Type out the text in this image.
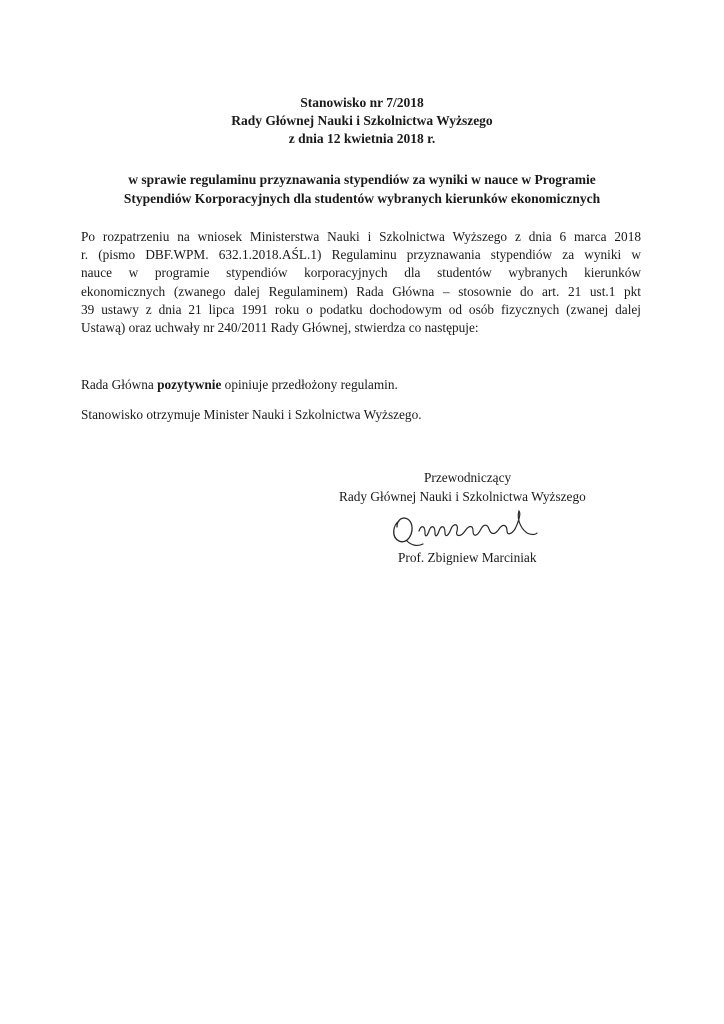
Stanowisko nr 7/2018
Rady Głównej Nauki i Szkolnictwa Wyższego
z dnia 12 kwietnia 2018 r.
w sprawie regulaminu przyznawania stypendiów za wyniki w nauce w Programie
Stypendiów Korporacyjnych dla studentów wybranych kierunków ekonomicznych
Po rozpatrzeniu na wniosek Ministerstwa Nauki i Szkolnictwa Wyższego z dnia 6 marca 2018
r. (pismo DBF.WPM. 632.1.2018.AŚL.1) Regulaminu przyznawania stypendiów za wyniki w
nauce w programie stypendiów korporacyjnych dla studentów wybranych kierunków
ekonomicznych (zwanego dalej Regulaminem) Rada Główna – stosownie do art. 21 ust.1 pkt
39 ustawy z dnia 21 lipca 1991 roku o podatku dochodowym od osób fizycznych (zwanej dalej
Ustawą) oraz uchwały nr 240/2011 Rady Głównej, stwierdza co następuje:
Rada Główna pozytywnie opiniuje przedłożony regulamin.
Stanowisko otrzymuje Minister Nauki i Szkolnictwa Wyższego.
Przewodniczący
Rady Głównej Nauki i Szkolnictwa Wyższego
Prof. Zbigniew Marciniak
